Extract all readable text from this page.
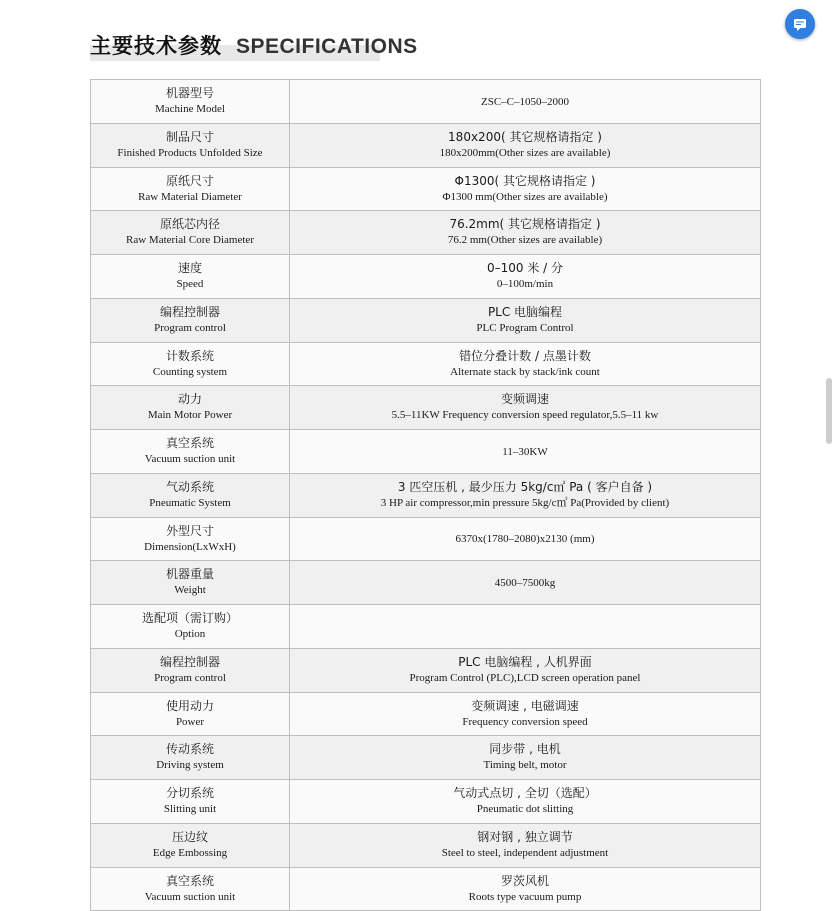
主要技术参数 SPECIFICATIONS
机器型号
Machine Model	ZSC–C–1050–2000

制品尺寸
Finished Products Unfolded Size	180x200( 其它规格请指定 )
180x200mm(Other sizes are available)

原纸尺寸
Raw Material Diameter	Φ1300( 其它规格请指定 )
Φ1300 mm(Other sizes are available)

原纸芯内径
Raw Material Core Diameter	76.2mm( 其它规格请指定 )
76.2 mm(Other sizes are available)

速度
Speed	0–100 米 / 分
0–100m/min

编程控制器
Program control	PLC 电脑编程
PLC Program Control

计数系统
Counting system	错位分叠计数 / 点墨计数
Alternate stack by stack/ink count

动力
Main Motor Power	变频调速
5.5–11KW Frequency conversion speed regulator,5.5–11 kw

真空系统
Vacuum suction unit	11–30KW

气动系统
Pneumatic System	3 匹空压机 , 最少压力 5kg/c㎡ Pa ( 客户自备 )
3 HP air compressor,min pressure 5kg/c㎡ Pa(Provided by client)

外型尺寸
Dimension(LxWxH)	6370x(1780–2080)x2130 (mm)

机器重量
Weight	4500–7500kg

选配项（需订购）
Option	

编程控制器
Program control	PLC 电脑编程 , 人机界面
Program Control (PLC),LCD screen operation panel

使用动力
Power	变频调速 , 电磁调速
Frequency conversion speed

传动系统
Driving system	同步带 , 电机
Timing belt, motor

分切系统
Slitting unit	气动式点切 , 全切（选配）
Pneumatic dot slitting

压边纹
Edge Embossing	钢对钢 , 独立调节
Steel to steel, independent adjustment

真空系统
Vacuum suction unit	罗茨风机
Roots type vacuum pump
